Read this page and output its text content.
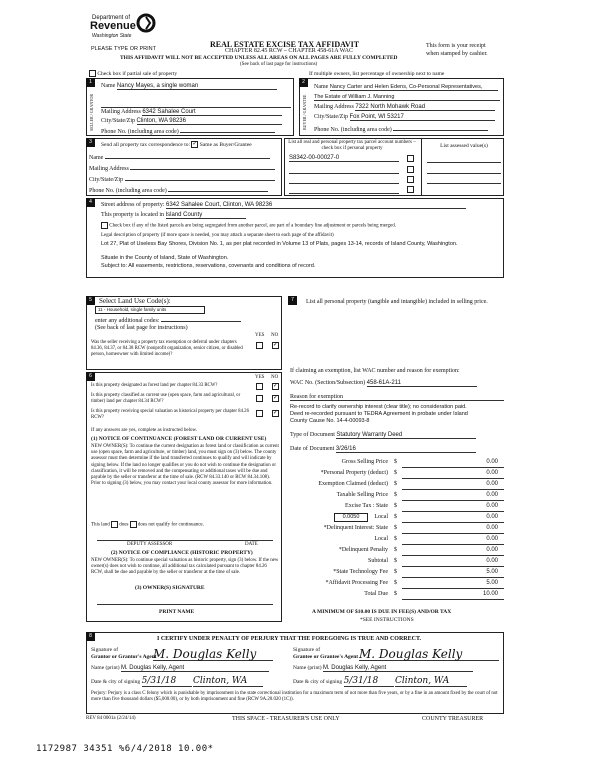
Department of
Revenue
Washington State
PLEASE TYPE OR PRINT	REAL ESTATE EXCISE TAX AFFIDAVIT
CHAPTER 82.45 RCW – CHAPTER 458-61A WAC
THIS AFFIDAVIT WILL NOT BE ACCEPTED UNLESS ALL AREAS ON ALL PAGES ARE FULLY COMPLETED
(See back of last page for instructions)
This form is your receipt
when stamped by cashier.
Check box if partial sale of property	If multiple owners, list percentage of ownership next to name
1
SELLER / GRANTOR
Name Nancy Mayes, a single woman
Mailing Address 6342 Sahalee Court
City/State/Zip Clinton, WA 98236
Phone No. (including area code)
2
BUYER / GRANTEE
Name Nancy Carter and Helen Edens, Co-Personal Representatives,
The Estate of William J. Manning
Mailing Address 7322 North Mohawk Road
City/State/Zip Fox Point, WI 53217
Phone No. (including area code)
3	Send all property tax correspondence to: ✓ Same as Buyer/Grantee
Name
Mailing Address
City/State/Zip
Phone No. (including area code)
List all real and personal property tax parcel account numbers – check box if personal property	List assessed value(s)
S8342-00-00027-0
4	Street address of property: 6342 Sahalee Court, Clinton, WA 98236
This property is located in Island County
Check box if any of the listed parcels are being segregated from another parcel, are part of a boundary line adjustment or parcels being merged.
Legal description of property (if more space is needed, you may attach a separate sheet to each page of the affidavit)
Lot 27, Plat of Useless Bay Shores, Division No. 1, as per plat recorded in Volume 13 of Plats, pages 13-14, records of Island County, Washington.
Situate in the County of Island, State of Washington.
Subject to: All easements, restrictions, reservations, covenants and conditions of record.
5	Select Land Use Code(s):
11 - Household, single family units
enter any additional codes:
(See back of last page for instructions)
YES NO
Was the seller receiving a property tax exemption or deferral under chapters 84.36, 84.37, or 84.38 RCW (nonprofit organization, senior citizen, or disabled person, homeowner with limited income)?
✓
7	List all personal property (tangible and intangible) included in selling price.
If claiming an exemption, list WAC number and reason for exemption:
WAC No. (Section/Subsection) 458-61A-211
Reason for exemption
Re-record to clarify ownership interest (clear title); no consideration paid.
Deed re-recorded pursuant to TEDRA Agreement in probate under Island
County Cause No. 14-4-00093-8
Type of Document Statutory Warranty Deed
Date of Document 3/26/16
Gross Selling Price $	0.00
*Personal Property (deduct) $	0.00
Exemption Claimed (deduct) $	0.00
Taxable Selling Price $	0.00
Excise Tax : State $	0.00
0.0050	Local $	0.00
*Delinquent Interest: State $	0.00
Local $	0.00
*Delinquent Penalty $	0.00
Subtotal $	0.00
*State Technology Fee $	5.00
*Affidavit Processing Fee $	5.00
Total Due $	10.00
A MINIMUM OF $10.00 IS DUE IN FEE(S) AND/OR TAX
*SEE INSTRUCTIONS
6	YES NO
Is this property designated as forest land per chapter 84.33 RCW?	✓
Is this property classified as current use (open space, farm and agricultural, or timber) land per chapter 84.34 RCW?
✓
Is this property receiving special valuation as historical property per chapter 84.26 RCW?
✓
If any answers are yes, complete as instructed below.
(1) NOTICE OF CONTINUANCE (FOREST LAND OR CURRENT USE)
NEW OWNER(S): To continue the current designation as forest land or classification as current use (open space, farm and agriculture, or timber) land, you must sign on (3) below. The county assessor must then determine if the land transferred continues to qualify and will indicate by signing below. If the land no longer qualifies or you do not wish to continue the designation or classification, it will be removed and the compensating or additional taxes will be due and payable by the seller or transferor at the time of sale. (RCW 84.33.140 or RCW 84.34.108). Prior to signing (3) below, you may contact your local county assessor for more information.
This land does does not qualify for continuance.
DEPUTY ASSESSOR	DATE
(2) NOTICE OF COMPLIANCE (HISTORIC PROPERTY)
NEW OWNER(S): To continue special valuation as historic property, sign (3) below. If the new owner(s) does not wish to continue, all additional tax calculated pursuant to chapter 84.26 RCW, shall be due and payable by the seller or transferor at the time of sale.
(3) OWNER(S) SIGNATURE
PRINT NAME
8	I CERTIFY UNDER PENALTY OF PERJURY THAT THE FOREGOING IS TRUE AND CORRECT.
Signature of
Grantor or Grantor's Agent
M. Douglas Kelly
Name (print) M. Douglas Kelly, Agent
Date & city of signing 5/31/18 Clinton, WA
Signature of
Grantee or Grantee's Agent M. Douglas Kelly
Name (print) M. Douglas Kelly, Agent
Date & city of signing 5/31/18 Clinton, WA
Perjury: Perjury is a class C felony which is punishable by imprisonment in the state correctional institution for a maximum term of not more than five years, or by a fine in an amount fixed by the court of not more than five thousand dollars ($5,000.00), or by both imprisonment and fine (RCW 9A.20.020 (1C)).
REV 84 0001a (2/24/14)	THIS SPACE - TREASURER'S USE ONLY	COUNTY TREASURER
1172987 34351 %6/4/2018 10.00*
